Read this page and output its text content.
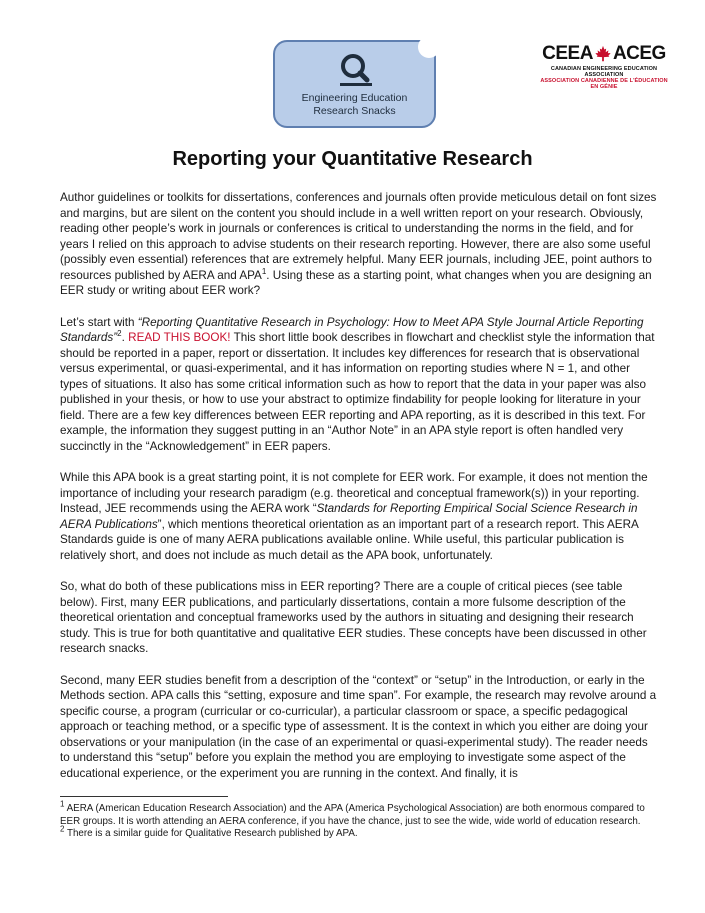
Engineering Education
Research Snacks
CEEA ACEG
CANADIAN ENGINEERING EDUCATION ASSOCIATION
ASSOCIATION CANADIENNE DE L'ÉDUCATION EN GÉNIE
Reporting your Quantitative Research

Author guidelines or toolkits for dissertations, conferences and journals often provide meticulous detail on font sizes and margins, but are silent on the content you should include in a well written report on your research. Obviously, reading other people’s work in journals or conferences is critical to understanding the norms in the field, and for years I relied on this approach to advise students on their research reporting. However, there are also some useful (possibly even essential) references that are extremely helpful. Many EER journals, including JEE, point authors to resources published by AERA and APA$^1$. Using these as a starting point, what changes when you are designing an EER study or writing about EER work?

Let’s start with “Reporting Quantitative Research in Psychology: How to Meet APA Style Journal Article Reporting Standards”$^2$. READ THIS BOOK! This short little book describes in flowchart and checklist style the information that should be reported in a paper, report or dissertation. It includes key differences for research that is observational versus experimental, or quasi-experimental, and it has information on reporting studies where N = 1, and other types of situations. It also has some critical information such as how to report that the data in your paper was also published in your thesis, or how to use your abstract to optimize findability for people looking for literature in your field. There are a few key differences between EER reporting and APA reporting, as it is described in this text. For example, the information they suggest putting in an “Author Note” in an APA style report is often handled very succinctly in the “Acknowledgement” in EER papers.

While this APA book is a great starting point, it is not complete for EER work. For example, it does not mention the importance of including your research paradigm (e.g. theoretical and conceptual framework(s)) in your reporting. Instead, JEE recommends using the AERA work “Standards for Reporting Empirical Social Science Research in AERA Publications”, which mentions theoretical orientation as an important part of a research report. This AERA Standards guide is one of many AERA publications available online. While useful, this particular publication is relatively short, and does not include as much detail as the APA book, unfortunately.

So, what do both of these publications miss in EER reporting? There are a couple of critical pieces (see table below). First, many EER publications, and particularly dissertations, contain a more fulsome description of the theoretical orientation and conceptual frameworks used by the authors in situating and designing their research study. This is true for both quantitative and qualitative EER studies. These concepts have been discussed in other research snacks.

Second, many EER studies benefit from a description of the “context” or “setup” in the Introduction, or early in the Methods section. APA calls this “setting, exposure and time span”. For example, the research may revolve around a specific course, a program (curricular or co-curricular), a particular classroom or space, a specific pedagogical approach or teaching method, or a specific type of assessment. It is the context in which you either are doing your observations or your manipulation (in the case of an experimental or quasi-experimental study). The reader needs to understand this “setup” before you explain the method you are employing to investigate some aspect of the educational experience, or the experiment you are running in the context. And finally, it is

$^1$ AERA (American Education Research Association) and the APA (America Psychological Association) are both enormous compared to EER groups. It is worth attending an AERA conference, if you have the chance, just to see the wide, wide world of education research.

$^2$ There is a similar guide for Qualitative Research published by APA.
